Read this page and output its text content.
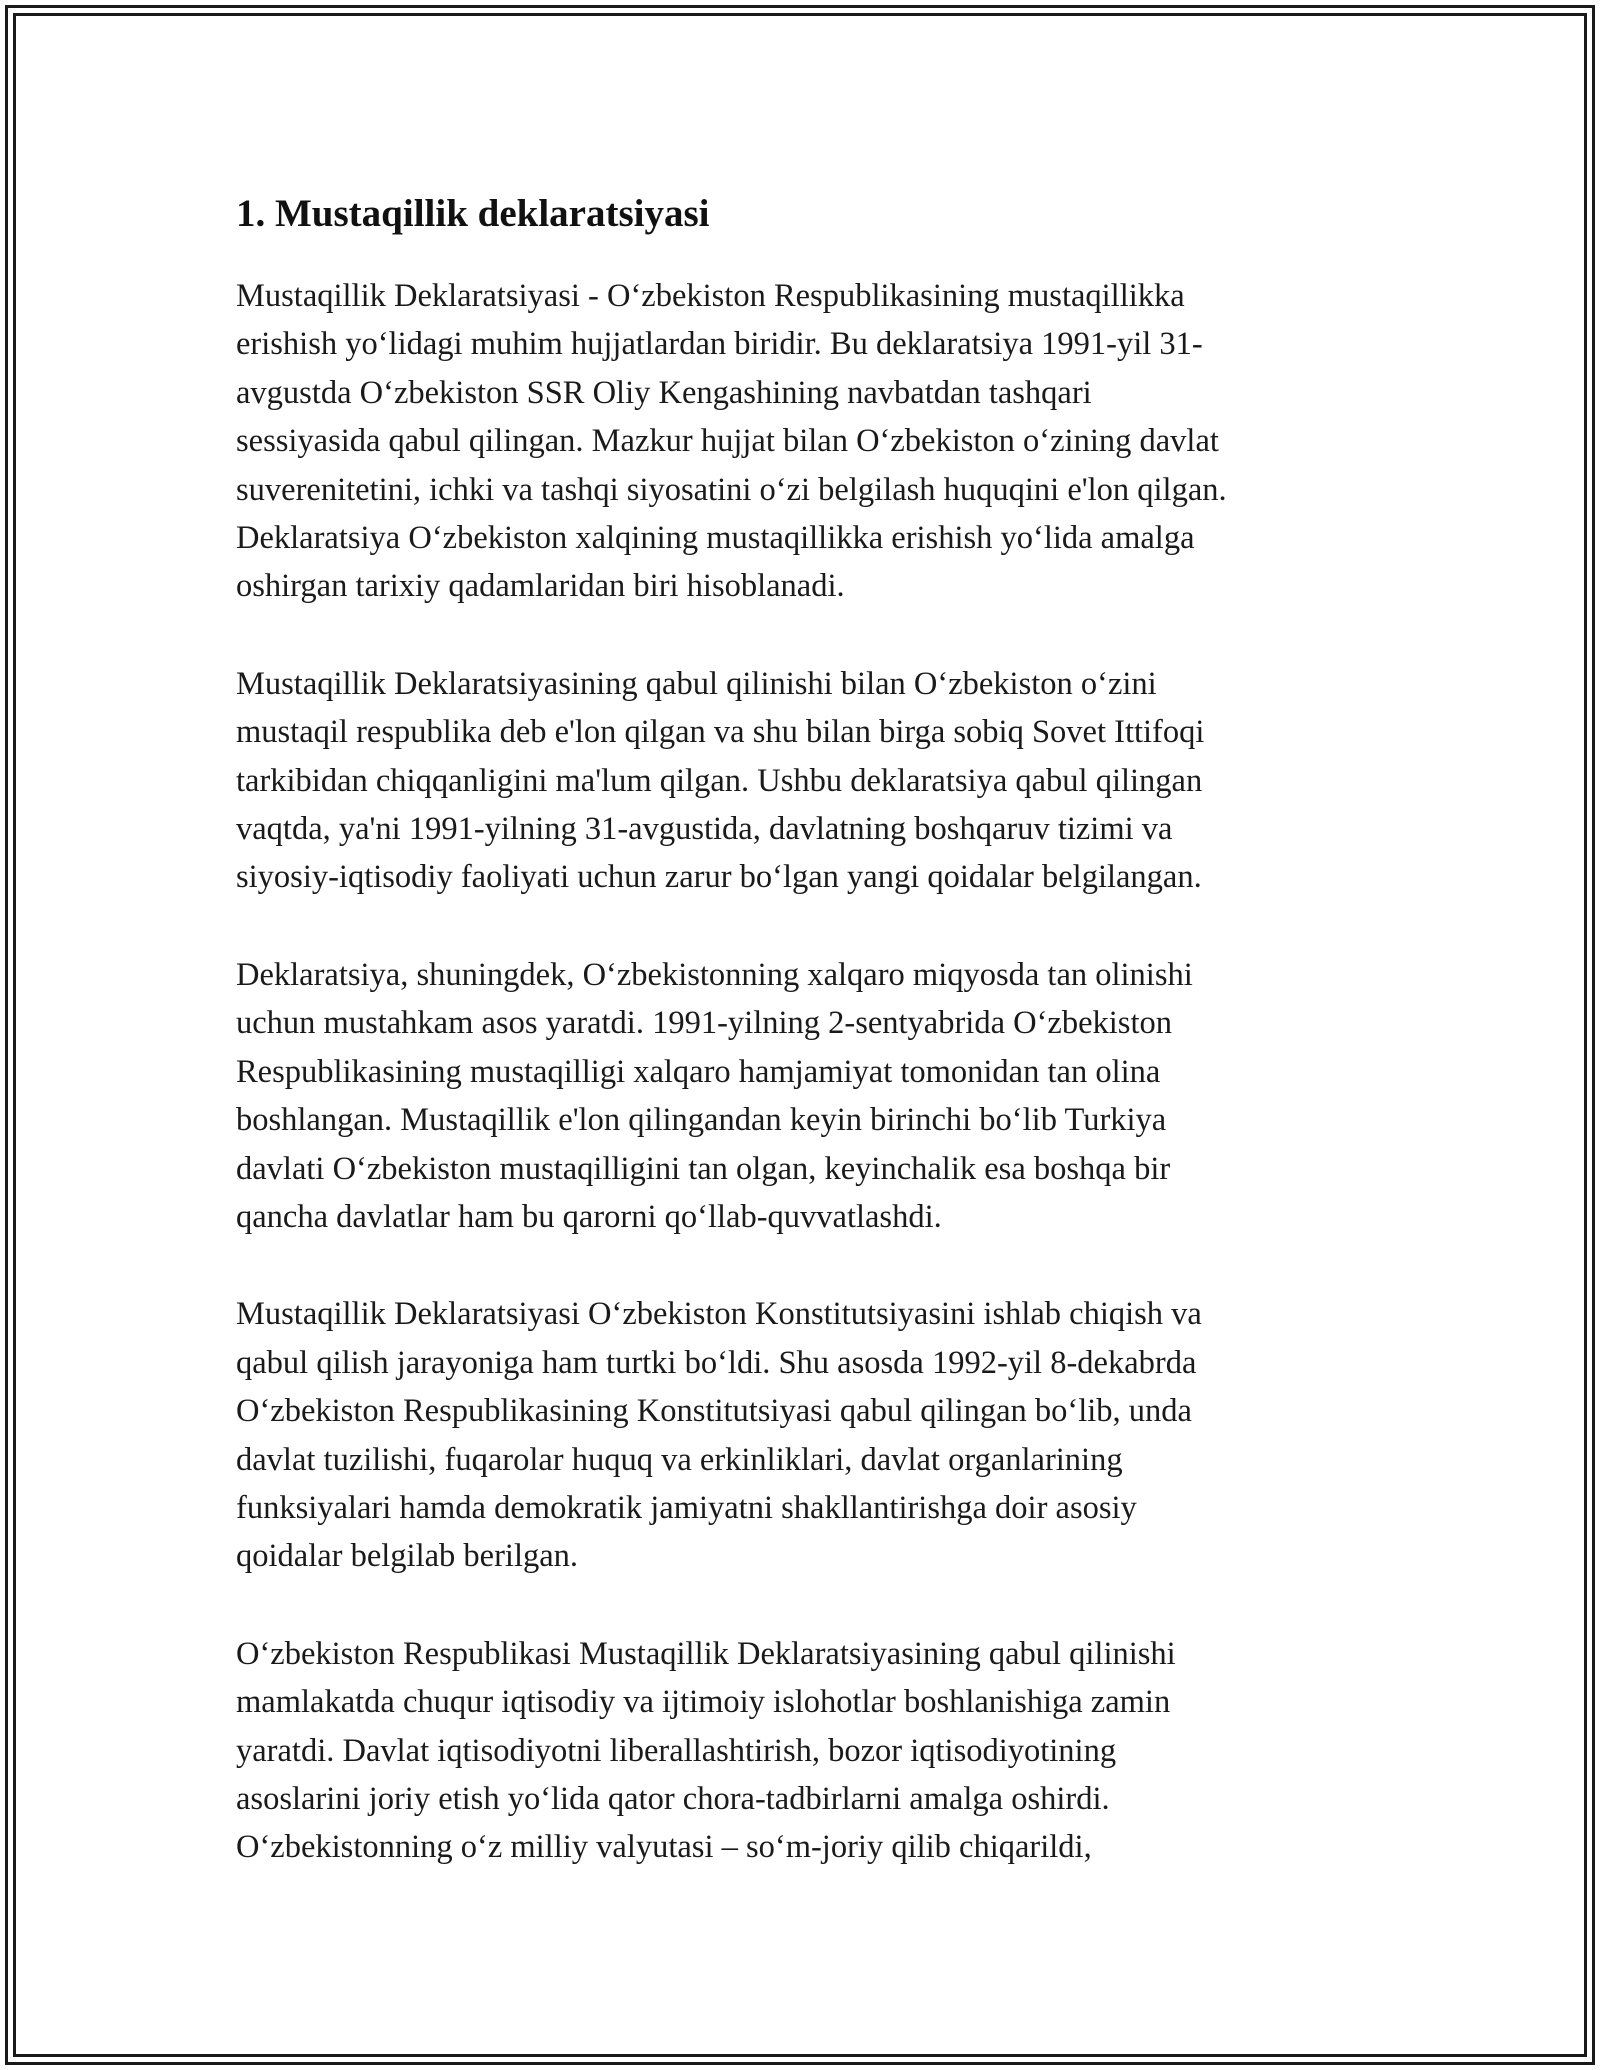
1. Mustaqillik deklaratsiyasi

Mustaqillik Deklaratsiyasi - O‘zbekiston Respublikasining mustaqillikka
erishish yo‘lidagi muhim hujjatlardan biridir. Bu deklaratsiya 1991-yil 31-
avgustda O‘zbekiston SSR Oliy Kengashining navbatdan tashqari
sessiyasida qabul qilingan. Mazkur hujjat bilan O‘zbekiston o‘zining davlat
suverenitetini, ichki va tashqi siyosatini o‘zi belgilash huquqini e'lon qilgan.
Deklaratsiya O‘zbekiston xalqining mustaqillikka erishish yo‘lida amalga
oshirgan tarixiy qadamlaridan biri hisoblanadi.

Mustaqillik Deklaratsiyasining qabul qilinishi bilan O‘zbekiston o‘zini
mustaqil respublika deb e'lon qilgan va shu bilan birga sobiq Sovet Ittifoqi
tarkibidan chiqqanligini ma'lum qilgan. Ushbu deklaratsiya qabul qilingan
vaqtda, ya'ni 1991-yilning 31-avgustida, davlatning boshqaruv tizimi va
siyosiy-iqtisodiy faoliyati uchun zarur bo‘lgan yangi qoidalar belgilangan.

Deklaratsiya, shuningdek, O‘zbekistonning xalqaro miqyosda tan olinishi
uchun mustahkam asos yaratdi. 1991-yilning 2-sentyabrida O‘zbekiston
Respublikasining mustaqilligi xalqaro hamjamiyat tomonidan tan olina
boshlangan. Mustaqillik e'lon qilingandan keyin birinchi bo‘lib Turkiya
davlati O‘zbekiston mustaqilligini tan olgan, keyinchalik esa boshqa bir
qancha davlatlar ham bu qarorni qo‘llab-quvvatlashdi.

Mustaqillik Deklaratsiyasi O‘zbekiston Konstitutsiyasini ishlab chiqish va
qabul qilish jarayoniga ham turtki bo‘ldi. Shu asosda 1992-yil 8-dekabrda
O‘zbekiston Respublikasining Konstitutsiyasi qabul qilingan bo‘lib, unda
davlat tuzilishi, fuqarolar huquq va erkinliklari, davlat organlarining
funksiyalari hamda demokratik jamiyatni shakllantirishga doir asosiy
qoidalar belgilab berilgan.

O‘zbekiston Respublikasi Mustaqillik Deklaratsiyasining qabul qilinishi
mamlakatda chuqur iqtisodiy va ijtimoiy islohotlar boshlanishiga zamin
yaratdi. Davlat iqtisodiyotni liberallashtirish, bozor iqtisodiyotining
asoslarini joriy etish yo‘lida qator chora-tadbirlarni amalga oshirdi.
O‘zbekistonning o‘z milliy valyutasi – so‘m-joriy qilib chiqarildi,
